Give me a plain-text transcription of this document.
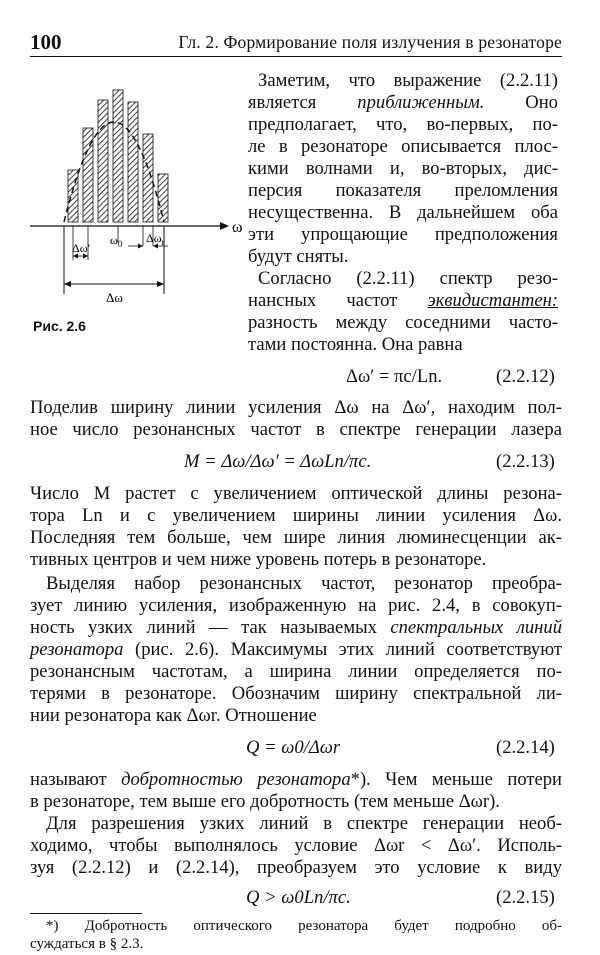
100	Гл. 2. Формирование поля излучения в резонаторе
ω
Δω′
$\omega_0$ $\Delta\omega_r$
Δω
Рис. 2.6
Заметим, что выражение (2.2.11)
является приближенным. Оно
предполагает, что, во-первых, по-
ле в резонаторе описывается плос-
кими волнами и, во-вторых, дис-
персия показателя преломления
несущественна. В дальнейшем оба
эти упрощающие предположения
будут сняты.
Согласно (2.2.11) спектр резо-
нансных частот эквидистантен:
разность между соседними часто-
тами постоянна. Она равна
Δω′ = πc/Ln.	(2.2.12)
Поделив ширину линии усиления Δω на Δω′, находим пол-
ное число резонансных частот в спектре генерации лазера
M = Δω/Δω′ = ΔωLn/πc.	(2.2.13)
Число M растет с увеличением оптической длины резона-
тора Ln и с увеличением ширины линии усиления Δω.
Последняя тем больше, чем шире линия люминесценции ак-
тивных центров и чем ниже уровень потерь в резонаторе.
Выделяя набор резонансных частот, резонатор преобра-
зует линию усиления, изображенную на рис. 2.4, в совокуп-
ность узких линий — так называемых спектральных линий
резонатора (рис. 2.6). Максимумы этих линий соответствуют
резонансным частотам, а ширина линии определяется по-
терями в резонаторе. Обозначим ширину спектральной ли-
нии резонатора как Δωr. Отношение
Q = ω0/Δωr	(2.2.14)
называют добротностью резонатора*). Чем меньше потери
в резонаторе, тем выше его добротность (тем меньше Δωr).
Для разрешения узких линий в спектре генерации необ-
ходимо, чтобы выполнялось условие Δωr < Δω′. Исполь-
зуя (2.2.12) и (2.2.14), преобразуем это условие к виду
Q > ω0Ln/πc.	(2.2.15)
*) Добротность оптического резонатора будет подробно об-
суждаться в § 2.3.
